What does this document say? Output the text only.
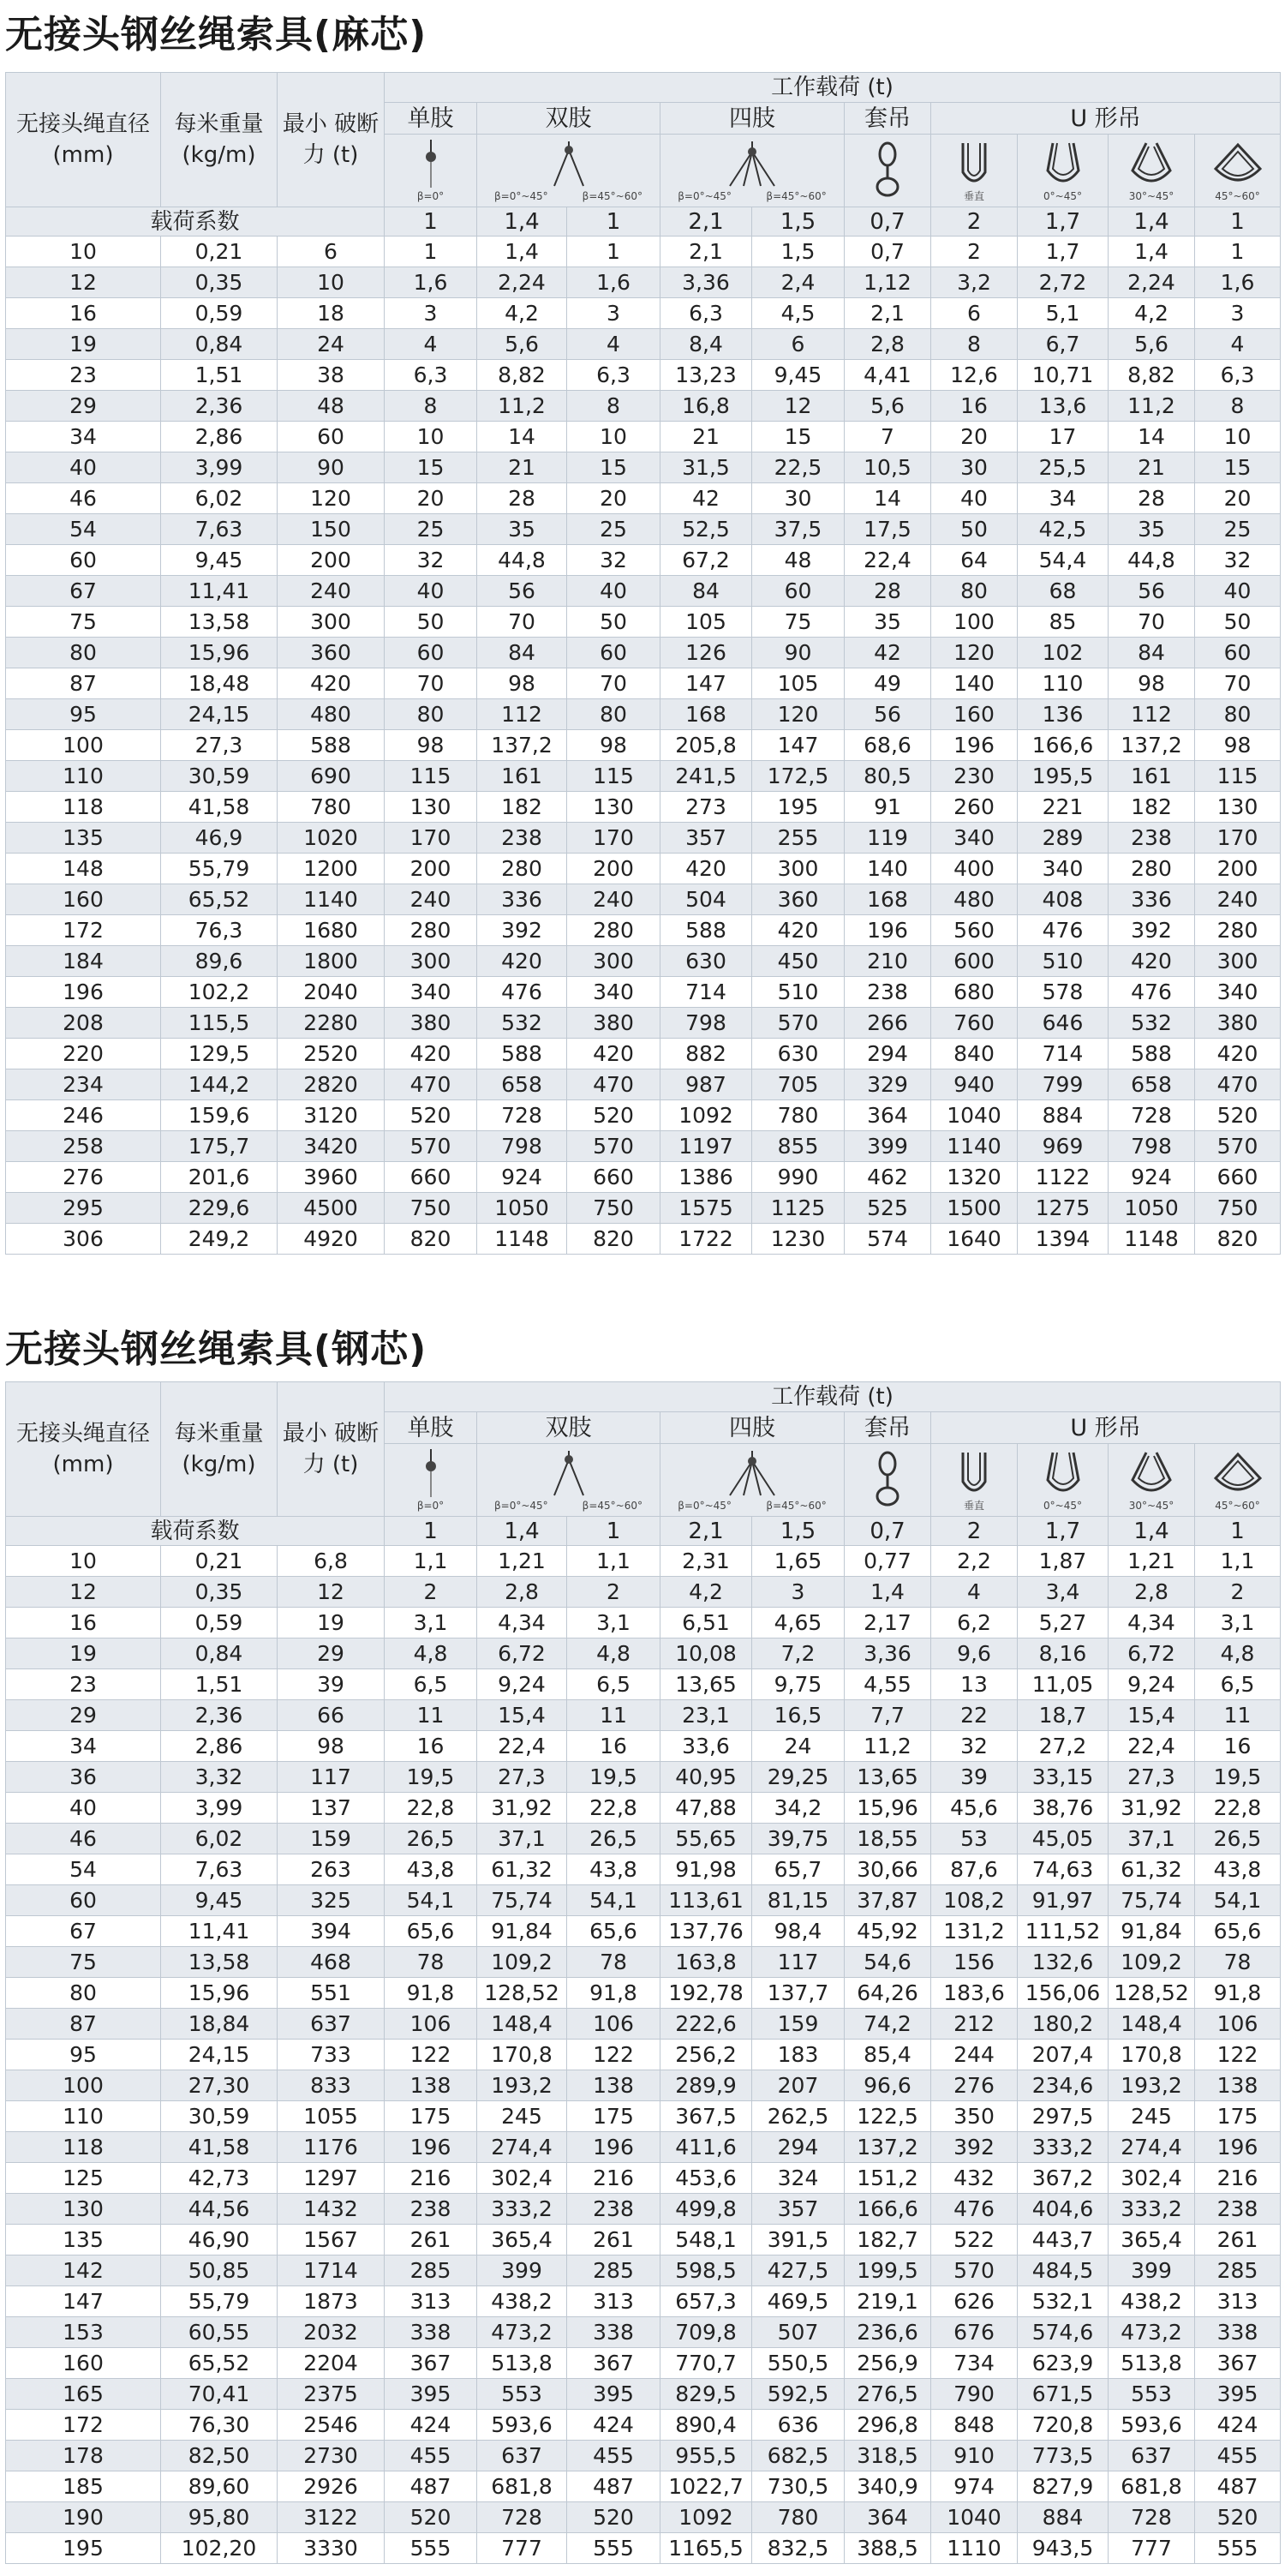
无接头钢丝绳索具(麻芯)
无接头绳直径 (mm)	每米重量 (kg/m)	最小 破断力 (t)	工作载荷 (t)									
			单肢	双肢		四肢		套吊	U 形吊			

			β=0°	β=0°~45° β=45°~60°		β=0°~45° β=45°~60°			垂直	0°~45°	30°~45°	45°~60°

载荷系数			1	1,4	1	2,1	1,5	0,7	2	1,7	1,4	1
10	0,21	6	1	1,4	1	2,1	1,5	0,7	2	1,7	1,4	1
12	0,35	10	1,6	2,24	1,6	3,36	2,4	1,12	3,2	2,72	2,24	1,6
16	0,59	18	3	4,2	3	6,3	4,5	2,1	6	5,1	4,2	3
19	0,84	24	4	5,6	4	8,4	6	2,8	8	6,7	5,6	4
23	1,51	38	6,3	8,82	6,3	13,23	9,45	4,41	12,6	10,71	8,82	6,3
29	2,36	48	8	11,2	8	16,8	12	5,6	16	13,6	11,2	8
34	2,86	60	10	14	10	21	15	7	20	17	14	10
40	3,99	90	15	21	15	31,5	22,5	10,5	30	25,5	21	15
46	6,02	120	20	28	20	42	30	14	40	34	28	20
54	7,63	150	25	35	25	52,5	37,5	17,5	50	42,5	35	25
60	9,45	200	32	44,8	32	67,2	48	22,4	64	54,4	44,8	32
67	11,41	240	40	56	40	84	60	28	80	68	56	40
75	13,58	300	50	70	50	105	75	35	100	85	70	50
80	15,96	360	60	84	60	126	90	42	120	102	84	60
87	18,48	420	70	98	70	147	105	49	140	110	98	70
95	24,15	480	80	112	80	168	120	56	160	136	112	80
100	27,3	588	98	137,2	98	205,8	147	68,6	196	166,6	137,2	98
110	30,59	690	115	161	115	241,5	172,5	80,5	230	195,5	161	115
118	41,58	780	130	182	130	273	195	91	260	221	182	130
135	46,9	1020	170	238	170	357	255	119	340	289	238	170
148	55,79	1200	200	280	200	420	300	140	400	340	280	200
160	65,52	1140	240	336	240	504	360	168	480	408	336	240
172	76,3	1680	280	392	280	588	420	196	560	476	392	280
184	89,6	1800	300	420	300	630	450	210	600	510	420	300
196	102,2	2040	340	476	340	714	510	238	680	578	476	340
208	115,5	2280	380	532	380	798	570	266	760	646	532	380
220	129,5	2520	420	588	420	882	630	294	840	714	588	420
234	144,2	2820	470	658	470	987	705	329	940	799	658	470
246	159,6	3120	520	728	520	1092	780	364	1040	884	728	520
258	175,7	3420	570	798	570	1197	855	399	1140	969	798	570
276	201,6	3960	660	924	660	1386	990	462	1320	1122	924	660
295	229,6	4500	750	1050	750	1575	1125	525	1500	1275	1050	750
306	249,2	4920	820	1148	820	1722	1230	574	1640	1394	1148	820
无接头钢丝绳索具(钢芯)
无接头绳直径 (mm)	每米重量 (kg/m)	最小 破断力 (t)	工作载荷 (t)									
			单肢	双肢		四肢		套吊	U 形吊			

			β=0°	β=0°~45° β=45°~60°		β=0°~45° β=45°~60°			垂直	0°~45°	30°~45°	45°~60°

载荷系数			1	1,4	1	2,1	1,5	0,7	2	1,7	1,4	1
10	0,21	6,8	1,1	1,21	1,1	2,31	1,65	0,77	2,2	1,87	1,21	1,1
12	0,35	12	2	2,8	2	4,2	3	1,4	4	3,4	2,8	2
16	0,59	19	3,1	4,34	3,1	6,51	4,65	2,17	6,2	5,27	4,34	3,1
19	0,84	29	4,8	6,72	4,8	10,08	7,2	3,36	9,6	8,16	6,72	4,8
23	1,51	39	6,5	9,24	6,5	13,65	9,75	4,55	13	11,05	9,24	6,5
29	2,36	66	11	15,4	11	23,1	16,5	7,7	22	18,7	15,4	11
34	2,86	98	16	22,4	16	33,6	24	11,2	32	27,2	22,4	16
36	3,32	117	19,5	27,3	19,5	40,95	29,25	13,65	39	33,15	27,3	19,5
40	3,99	137	22,8	31,92	22,8	47,88	34,2	15,96	45,6	38,76	31,92	22,8
46	6,02	159	26,5	37,1	26,5	55,65	39,75	18,55	53	45,05	37,1	26,5
54	7,63	263	43,8	61,32	43,8	91,98	65,7	30,66	87,6	74,63	61,32	43,8
60	9,45	325	54,1	75,74	54,1	113,61	81,15	37,87	108,2	91,97	75,74	54,1
67	11,41	394	65,6	91,84	65,6	137,76	98,4	45,92	131,2	111,52	91,84	65,6
75	13,58	468	78	109,2	78	163,8	117	54,6	156	132,6	109,2	78
80	15,96	551	91,8	128,52	91,8	192,78	137,7	64,26	183,6	156,06	128,52	91,8
87	18,84	637	106	148,4	106	222,6	159	74,2	212	180,2	148,4	106
95	24,15	733	122	170,8	122	256,2	183	85,4	244	207,4	170,8	122
100	27,30	833	138	193,2	138	289,9	207	96,6	276	234,6	193,2	138
110	30,59	1055	175	245	175	367,5	262,5	122,5	350	297,5	245	175
118	41,58	1176	196	274,4	196	411,6	294	137,2	392	333,2	274,4	196
125	42,73	1297	216	302,4	216	453,6	324	151,2	432	367,2	302,4	216
130	44,56	1432	238	333,2	238	499,8	357	166,6	476	404,6	333,2	238
135	46,90	1567	261	365,4	261	548,1	391,5	182,7	522	443,7	365,4	261
142	50,85	1714	285	399	285	598,5	427,5	199,5	570	484,5	399	285
147	55,79	1873	313	438,2	313	657,3	469,5	219,1	626	532,1	438,2	313
153	60,55	2032	338	473,2	338	709,8	507	236,6	676	574,6	473,2	338
160	65,52	2204	367	513,8	367	770,7	550,5	256,9	734	623,9	513,8	367
165	70,41	2375	395	553	395	829,5	592,5	276,5	790	671,5	553	395
172	76,30	2546	424	593,6	424	890,4	636	296,8	848	720,8	593,6	424
178	82,50	2730	455	637	455	955,5	682,5	318,5	910	773,5	637	455
185	89,60	2926	487	681,8	487	1022,7	730,5	340,9	974	827,9	681,8	487
190	95,80	3122	520	728	520	1092	780	364	1040	884	728	520
195	102,20	3330	555	777	555	1165,5	832,5	388,5	1110	943,5	777	555
